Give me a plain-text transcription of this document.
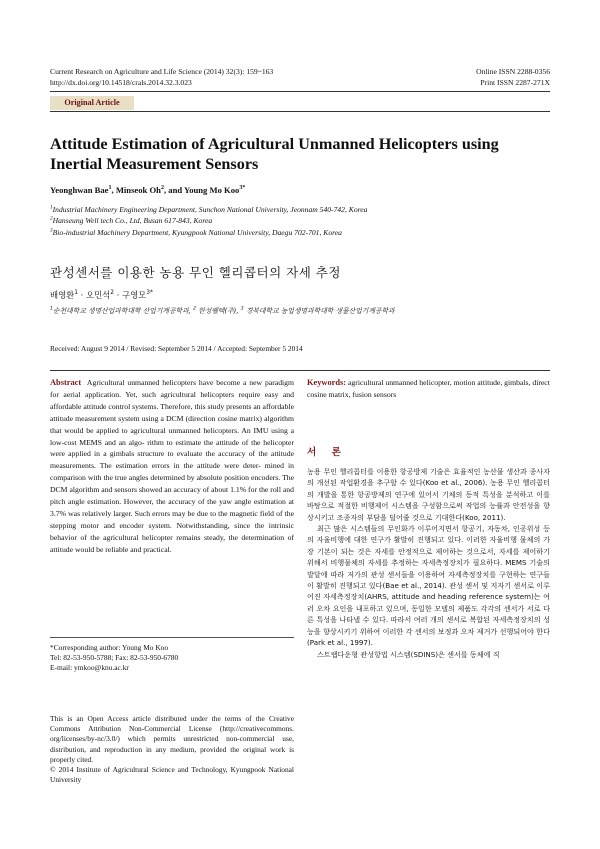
Current Research on Agriculture and Life Science (2014) 32(3): 159~163
http://dx.doi.org/10.14518/crals.2014.32.3.023
Online ISSN 2288-0356
Print ISSN 2287-271X
Original Article
Attitude Estimation of Agricultural Unmanned Helicopters using Inertial Measurement Sensors
Yeonghwan Bae$^1$, Minseok Oh$^2$, and Young Mo Koo$^{3*}$
$^1$Industrial Machinery Engineering Department, Sunchon National University, Jeonnam 540-742, Korea
$^2$Hanseung Well tech Co., Ltd, Busan 617-843, Korea
$^3$Bio-industrial Machinery Department, Kyungpook National University, Daegu 702-701, Korea
관성센서를 이용한 농용 무인 헬리콥터의 자세 추정
배영환$^1$ · 오민석$^2$ · 구영모$^{3*}$
$^1$순천대학교 생명산업과학대학 산업기계공학과, $^2$ 한성웰텍(주), $^3$ 경북대학교 농업생명과학대학 생물산업기계공학과
Received: August 9 2014 / Revised: September 5 2014 / Accepted: September 5 2014
Abstract Agricultural unmanned helicopters have become a new paradigm for aerial application. Yet, such agricultural helicopters require easy and affordable attitude control systems. Therefore, this study presents an affordable attitude measurement system using a DCM (direction cosine matrix) algorithm that would be applied to agricultural unmanned helicopters. An IMU using a low-cost MEMS and an algo- rithm to estimate the attitude of the helicopter were applied in a gimbals structure to evaluate the accuracy of the attitude measurements. The estimation errors in the attitude were deter- mined in comparison with the true angles determined by absolute position encoders. The DCM algorithm and sensors showed an accuracy of about 1.1% for the roll and pitch angle estimation. However, the accuracy of the yaw angle estimation at 3.7% was relatively larger. Such errors may be due to the magnetic field of the stepping motor and encoder system. Notwithstanding, since the intrinsic behavior of the agricultural helicopter remains steady, the determination of attitude would be reliable and practical.
Keywords: agricultural unmanned helicopter, motion attitude, gimbals, direct cosine matrix, fusion sensors
서 론

농용 무인 헬리콥터를 이용한 항공방제 기술은 효율적인 농산물 생산과 종사자의 개선된 작업환경을 추구할 수 있다(Koo et al., 2006). 농용 무인 헬리콥터의 개발을 통한 항공방제의 연구에 있어서 기체의 동적 특성을 분석하고 이를 바탕으로 적절한 비행제어 시스템을 구성함으로써 작업의 능률과 안전성을 향상시키고 조종자의 부담을 덜어줄 것으로 기대한다(Koo, 2011).

최근 많은 시스템들의 무인화가 이루어지면서 항공기, 자동차, 인공위성 등의 자율비행에 대한 연구가 활발히 진행되고 있다. 이러한 자율비행 물체의 가장 기본이 되는 것은 자세를 안정적으로 제어하는 것으로서, 자세를 제어하기 위해서 비행물체의 자세를 추정하는 자세측정장치가 필요하다. MEMS 기술의 발달에 따라 저가의 관성 센서들을 이용하여 자세측정장치를 구현하는 연구들이 활발히 진행되고 있다(Bae et al., 2014). 관성 센서 및 지자기 센서로 이루어진 자세측정장치(AHRS, attitude and heading reference system)는 여러 오차 요인을 내포하고 있으며, 동일한 모델의 제품도 각각의 센서가 서로 다른 특성을 나타낼 수 있다. 따라서 여러 개의 센서로 복합된 자세측정장치의 성능을 향상시키기 위하여 이러한 각 센서의 보정과 오차 제거가 선행되어야 한다(Park et al., 1997).

스트랩다운형 관성항법 시스템(SDINS)은 센서를 동체에 직

*Corresponding author: Young Mo Koo
Tel: 82-53-950-5788; Fax: 82-53-950-6780
E-mail: ymkoo@knu.ac.kr
This is an Open Access article distributed under the terms of the Creative Commons Attribution Non-Commercial License (http://creativecommons. org/licenses/by-nc/3.0/) which permits unrestricted non-commercial use, distribution, and reproduction in any medium, provided the original work is properly cited.
© 2014 Institute of Agricultural Science and Technology, Kyungpook National University
